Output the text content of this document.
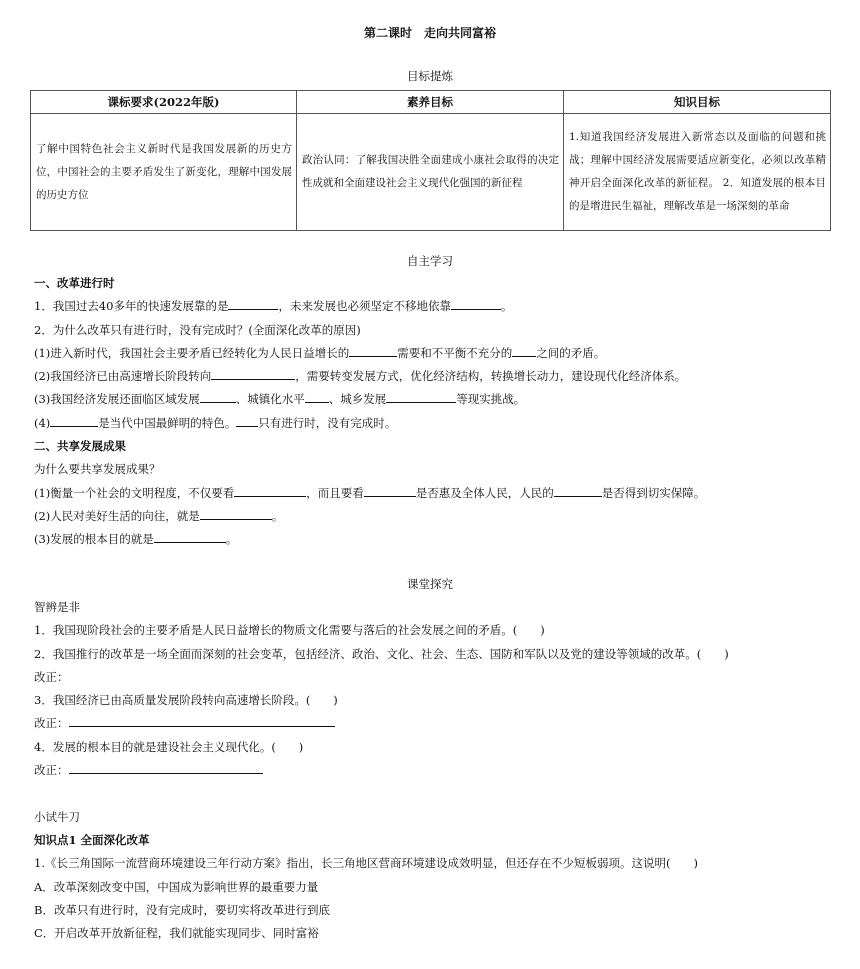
第二课时　走向共同富裕
目标提炼
课标要求(2022年版)	素养目标	知识目标
了解中国特色社会主义新时代是我国发展新的历史方位，中国社会的主要矛盾发生了新变化，理解中国发展的历史方位	政治认同：了解我国决胜全面建成小康社会取得的决定性成就和全面建设社会主义现代化强国的新征程	1.知道我国经济发展进入新常态以及面临的问题和挑战；理解中国经济发展需要适应新变化，必须以改革精神开启全面深化改革的新征程。 2．知道发展的根本目的是增进民生福祉，理解改革是一场深刻的革命
自主学习
一、改革进行时
1．我国过去40多年的快速发展靠的是	，未来发展也必须坚定不移地依靠	。
2．为什么改革只有进行时，没有完成时？(全面深化改革的原因)
(1)进入新时代，我国社会主要矛盾已经转化为人民日益增长的	需要和不平衡不充分的 之间的矛盾。
(2)我国经济已由高速增长阶段转向	，需要转变发展方式，优化经济结构，转换增长动力，建设现代化经济体系。
(3)我国经济发展还面临区域发展	、城镇化水平 、城乡发展	等现实挑战。
(4)	是当代中国最鲜明的特色。 只有进行时，没有完成时。
二、共享发展成果
为什么要共享发展成果？
(1)衡量一个社会的文明程度，不仅要看	，而且要看	是否惠及全体人民，人民的	是否得到切实保障。
(2)人民对美好生活的向往，就是	。
(3)发展的根本目的就是	。
课堂探究
智辨是非
1．我国现阶段社会的主要矛盾是人民日益增长的物质文化需要与落后的社会发展之间的矛盾。(　　)
2．我国推行的改革是一场全面而深刻的社会变革，包括经济、政治、文化、社会、生态、国防和军队以及党的建设等领域的改革。(　　)
改正：
3．我国经济已由高质量发展阶段转向高速增长阶段。(　　)
改正：
4．发展的根本目的就是建设社会主义现代化。(　　)
改正：
小试牛刀
知识点1 全面深化改革
1.《长三角国际一流营商环境建设三年行动方案》指出，长三角地区营商环境建设成效明显，但还存在不少短板弱项。这说明(　　)
A．改革深刻改变中国，中国成为影响世界的最重要力量
B．改革只有进行时，没有完成时，要切实将改革进行到底
C．开启改革开放新征程，我们就能实现同步、同时富裕
